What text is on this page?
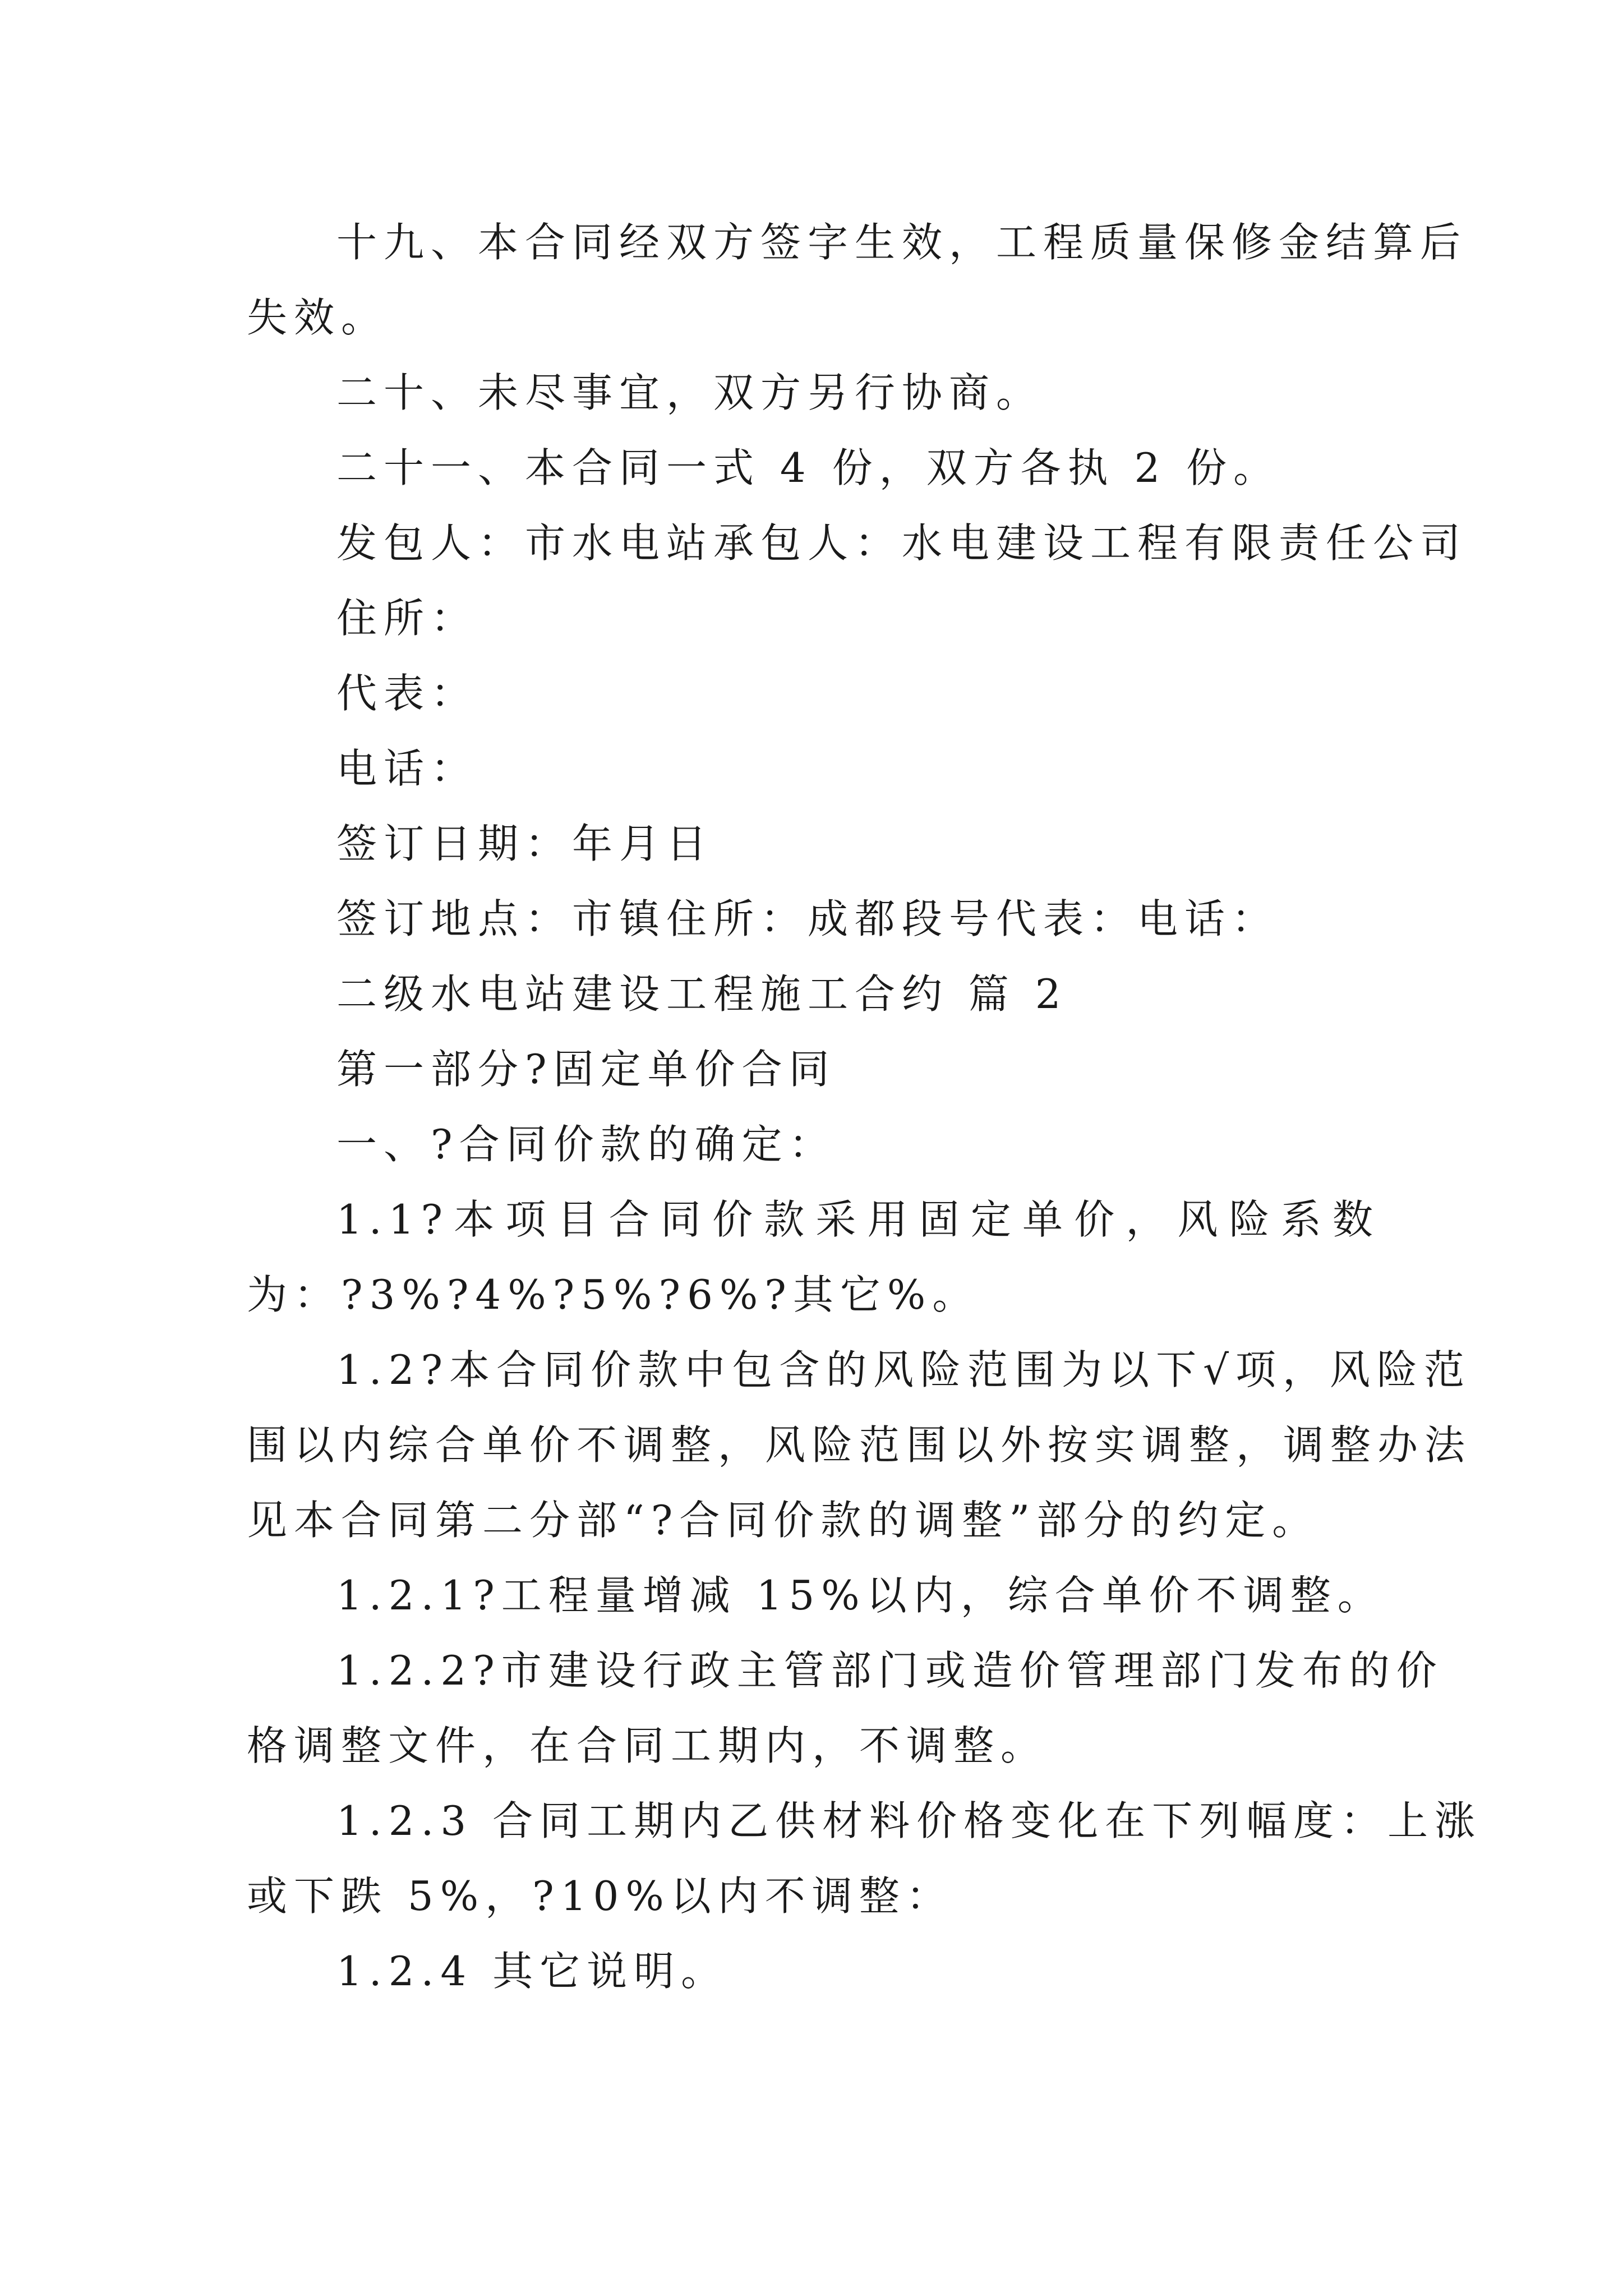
十九、本合同经双方签字生效，工程质量保修金结算后
失效。

二十、未尽事宜，双方另行协商。

二十一、本合同一式 4 份，双方各执 2 份。

发包人：市水电站承包人：水电建设工程有限责任公司

住所：

代表：

电话：

签订日期：年月日

签订地点：市镇住所：成都段号代表：电话：

二级水电站建设工程施工合约 篇 2

第一部分?固定单价合同

一、?合同价款的确定：

1.1?本项目合同价款采用固定单价，风险系数
为：?3%?4%?5%?6%?其它%。

1.2?本合同价款中包含的风险范围为以下√项，风险范
围以内综合单价不调整，风险范围以外按实调整，调整办法
见本合同第二分部“?合同价款的调整”部分的约定。

1.2.1?工程量增减 15%以内，综合单价不调整。

1.2.2?市建设行政主管部门或造价管理部门发布的价
格调整文件，在合同工期内，不调整。

1.2.3 合同工期内乙供材料价格变化在下列幅度：上涨
或下跌 5%，?10%以内不调整：

1.2.4 其它说明。
